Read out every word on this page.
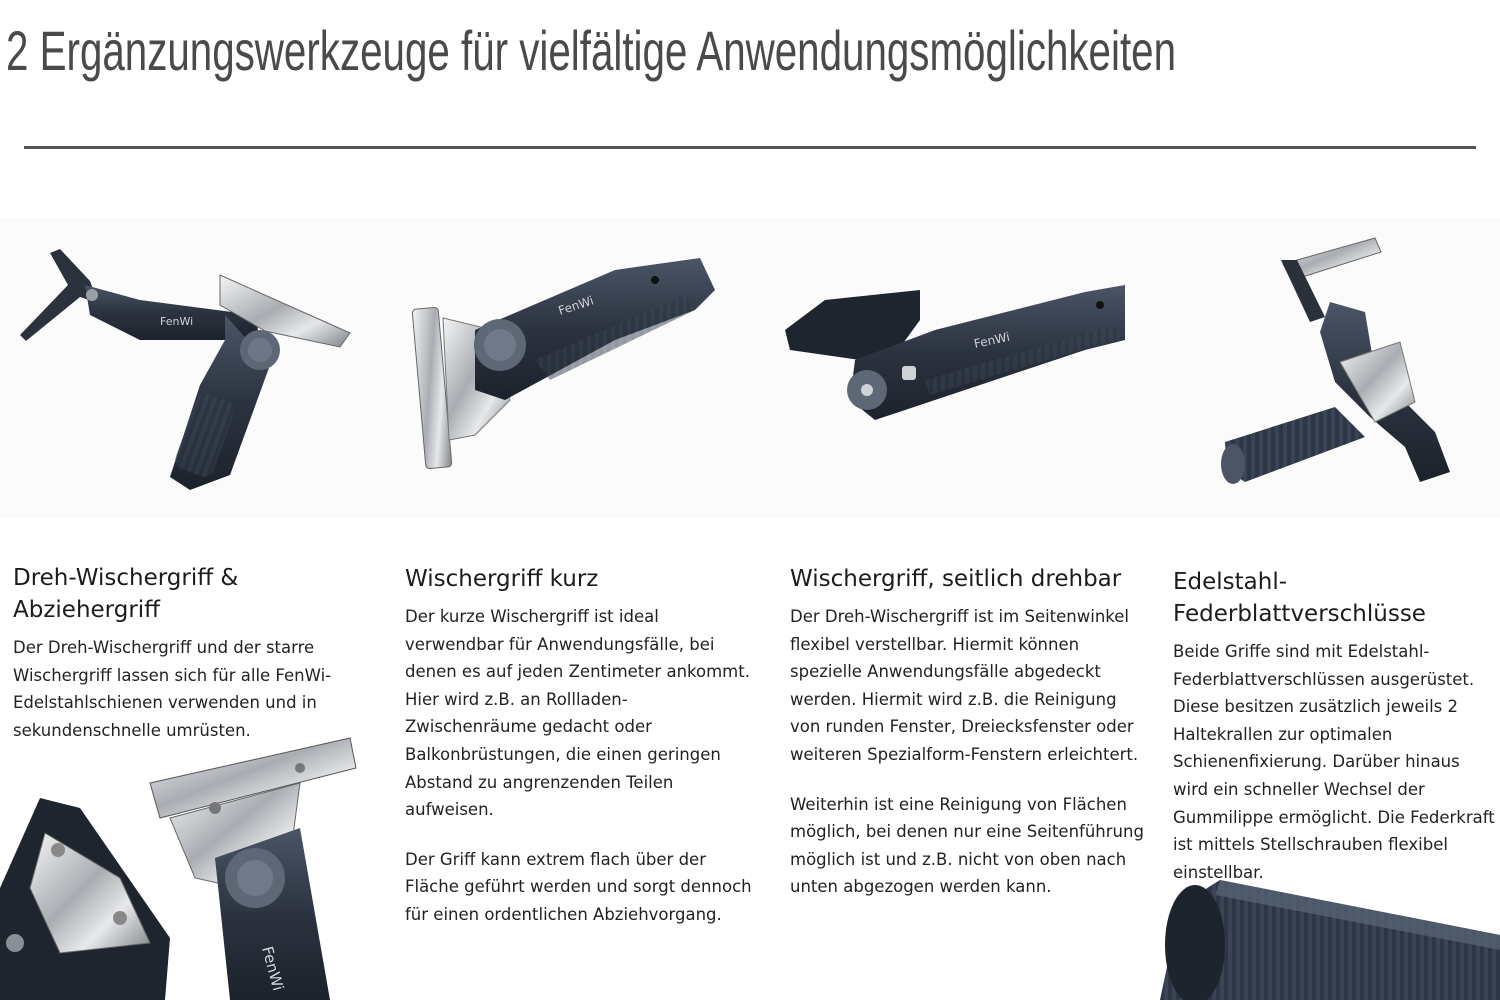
2 Ergänzungswerkzeuge für vielfältige Anwendungsmöglichkeiten
FenWi
FenWi
FenWi
FenWi
Dreh-Wischergriff & Abziehergriff

Der Dreh-Wischergriff und der starre Wischergriff lassen sich für alle FenWi-Edelstahlschienen verwenden und in sekundenschnelle umrüsten.

Wischergriff kurz

Der kurze Wischergriff ist ideal verwendbar für Anwendungsfälle, bei denen es auf jeden Zentimeter ankommt. Hier wird z.B. an Rollladen-Zwischenräume gedacht oder Balkonbrüstungen, die einen geringen Abstand zu angrenzenden Teilen aufweisen.

Der Griff kann extrem flach über der Fläche geführt werden und sorgt dennoch für einen ordentlichen Abziehvorgang.

Wischergriff, seitlich drehbar

Der Dreh-Wischergriff ist im Seitenwinkel flexibel verstellbar. Hiermit können spezielle Anwendungsfälle abgedeckt werden. Hiermit wird z.B. die Reinigung von runden Fenster, Dreiecksfenster oder weiteren Spezialform-Fenstern erleichtert.

Weiterhin ist eine Reinigung von Flächen möglich, bei denen nur eine Seitenführung möglich ist und z.B. nicht von oben nach unten abgezogen werden kann.

Edelstahl-Federblattverschlüsse

Beide Griffe sind mit Edelstahl-Federblattverschlüssen ausgerüstet. Diese besitzen zusätzlich jeweils 2 Haltekrallen zur optimalen Schienenfixierung. Darüber hinaus wird ein schneller Wechsel der Gummilippe ermöglicht. Die Federkraft ist mittels Stellschrauben flexibel einstellbar.
